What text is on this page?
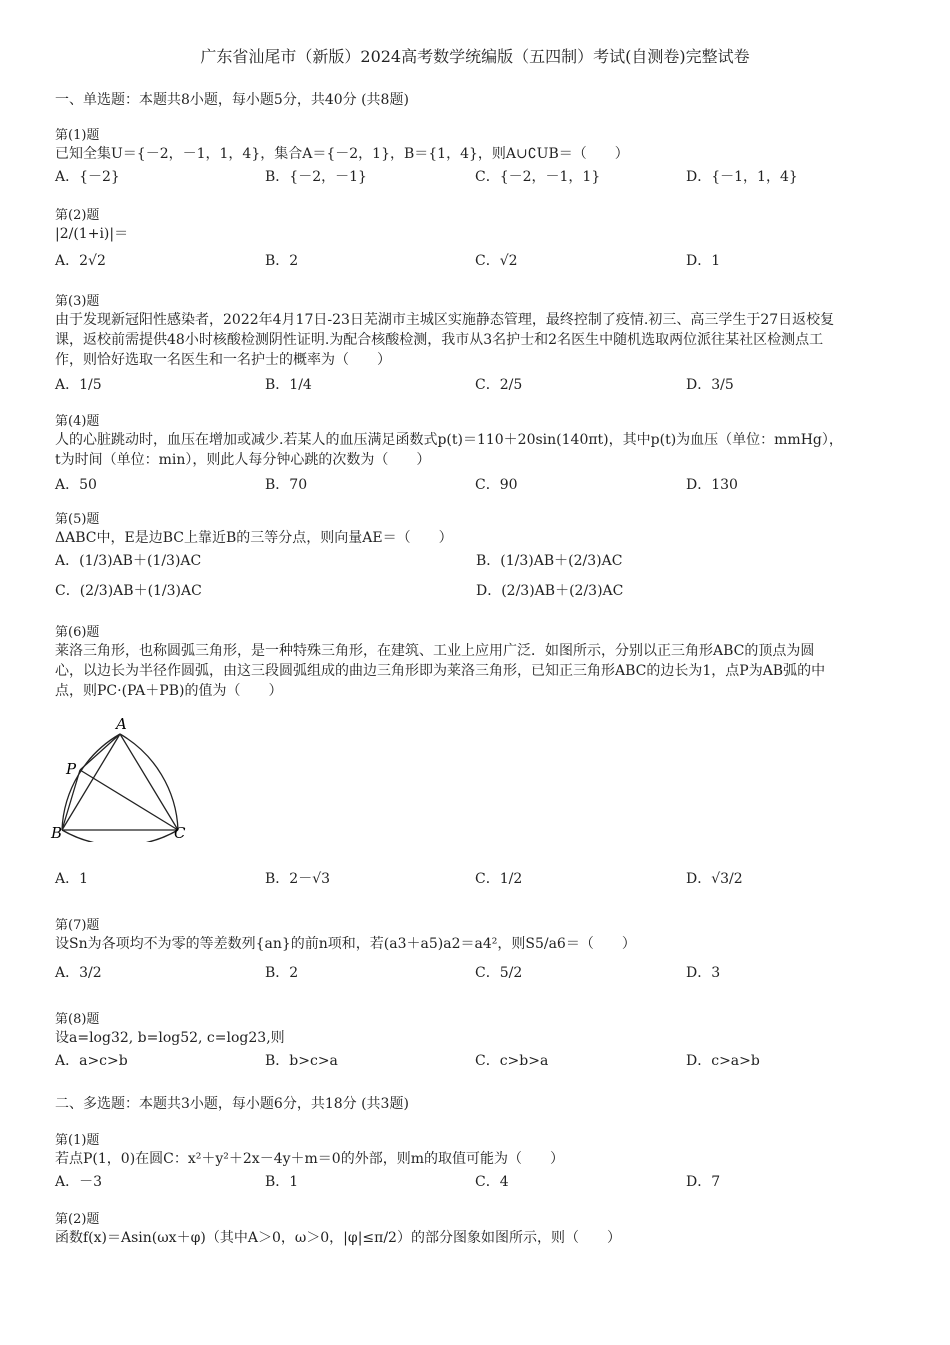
广东省汕尾市（新版）2024高考数学统编版（五四制）考试(自测卷)完整试卷
一、单选题：本题共8小题，每小题5分，共40分 (共8题)
第(1)题
已知全集U＝{－2，－1，1，4}，集合A＝{－2，1}，B＝{1，4}，则A∪∁UB＝（　　）
A．{－2}	B．{－2，－1}	C．{－2，－1，1}	D．{－1，1，4}
第(2)题
|2/(1+i)|＝
A．2√2	B．2	C．√2	D．1
第(3)题
由于发现新冠阳性感染者，2022年4月17日-23日芜湖市主城区实施静态管理，最终控制了疫情.初三、高三学生于27日返校复
课，返校前需提供48小时核酸检测阴性证明.为配合核酸检测，我市从3名护士和2名医生中随机选取两位派往某社区检测点工
作，则恰好选取一名医生和一名护士的概率为（　　）
A．1/5	B．1/4	C．2/5	D．3/5
第(4)题
人的心脏跳动时，血压在增加或减少.若某人的血压满足函数式p(t)＝110＋20sin(140πt)，其中p(t)为血压（单位：mmHg），
t为时间（单位：min），则此人每分钟心跳的次数为（　　）
A．50	B．70	C．90	D．130
第(5)题
ΔABC中，E是边BC上靠近B的三等分点，则向量AE＝（　　）
A．(1/3)AB＋(1/3)AC	B．(1/3)AB＋(2/3)AC
C．(2/3)AB＋(1/3)AC	D．(2/3)AB＋(2/3)AC
第(6)题
莱洛三角形，也称圆弧三角形，是一种特殊三角形，在建筑、工业上应用广泛．如图所示，分别以正三角形ABC的顶点为圆
心，以边长为半径作圆弧，由这三段圆弧组成的曲边三角形即为莱洛三角形，已知正三角形ABC的边长为1，点P为AB弧的中
点，则PC·(PA＋PB)的值为（　　）
A
P
B	C
A．1	B．2－√3	C．1/2	D．√3/2
第(7)题
设Sn为各项均不为零的等差数列{an}的前n项和，若(a3＋a5)a2＝a4²，则S5/a6＝（　　）
A．3/2	B．2	C．5/2	D．3
第(8)题
设a=log32, b=log52, c=log23,则
A．a>c>b	B．b>c>a	C．c>b>a	D．c>a>b
二、多选题：本题共3小题，每小题6分，共18分 (共3题)
第(1)题
若点P(1，0)在圆C：x²＋y²＋2x－4y＋m＝0的外部，则m的取值可能为（　　）
A．－3	B．1	C．4	D．7
第(2)题
函数f(x)＝Asin(ωx＋φ)（其中A＞0，ω＞0，|φ|≤π/2）的部分图象如图所示，则（　　）
